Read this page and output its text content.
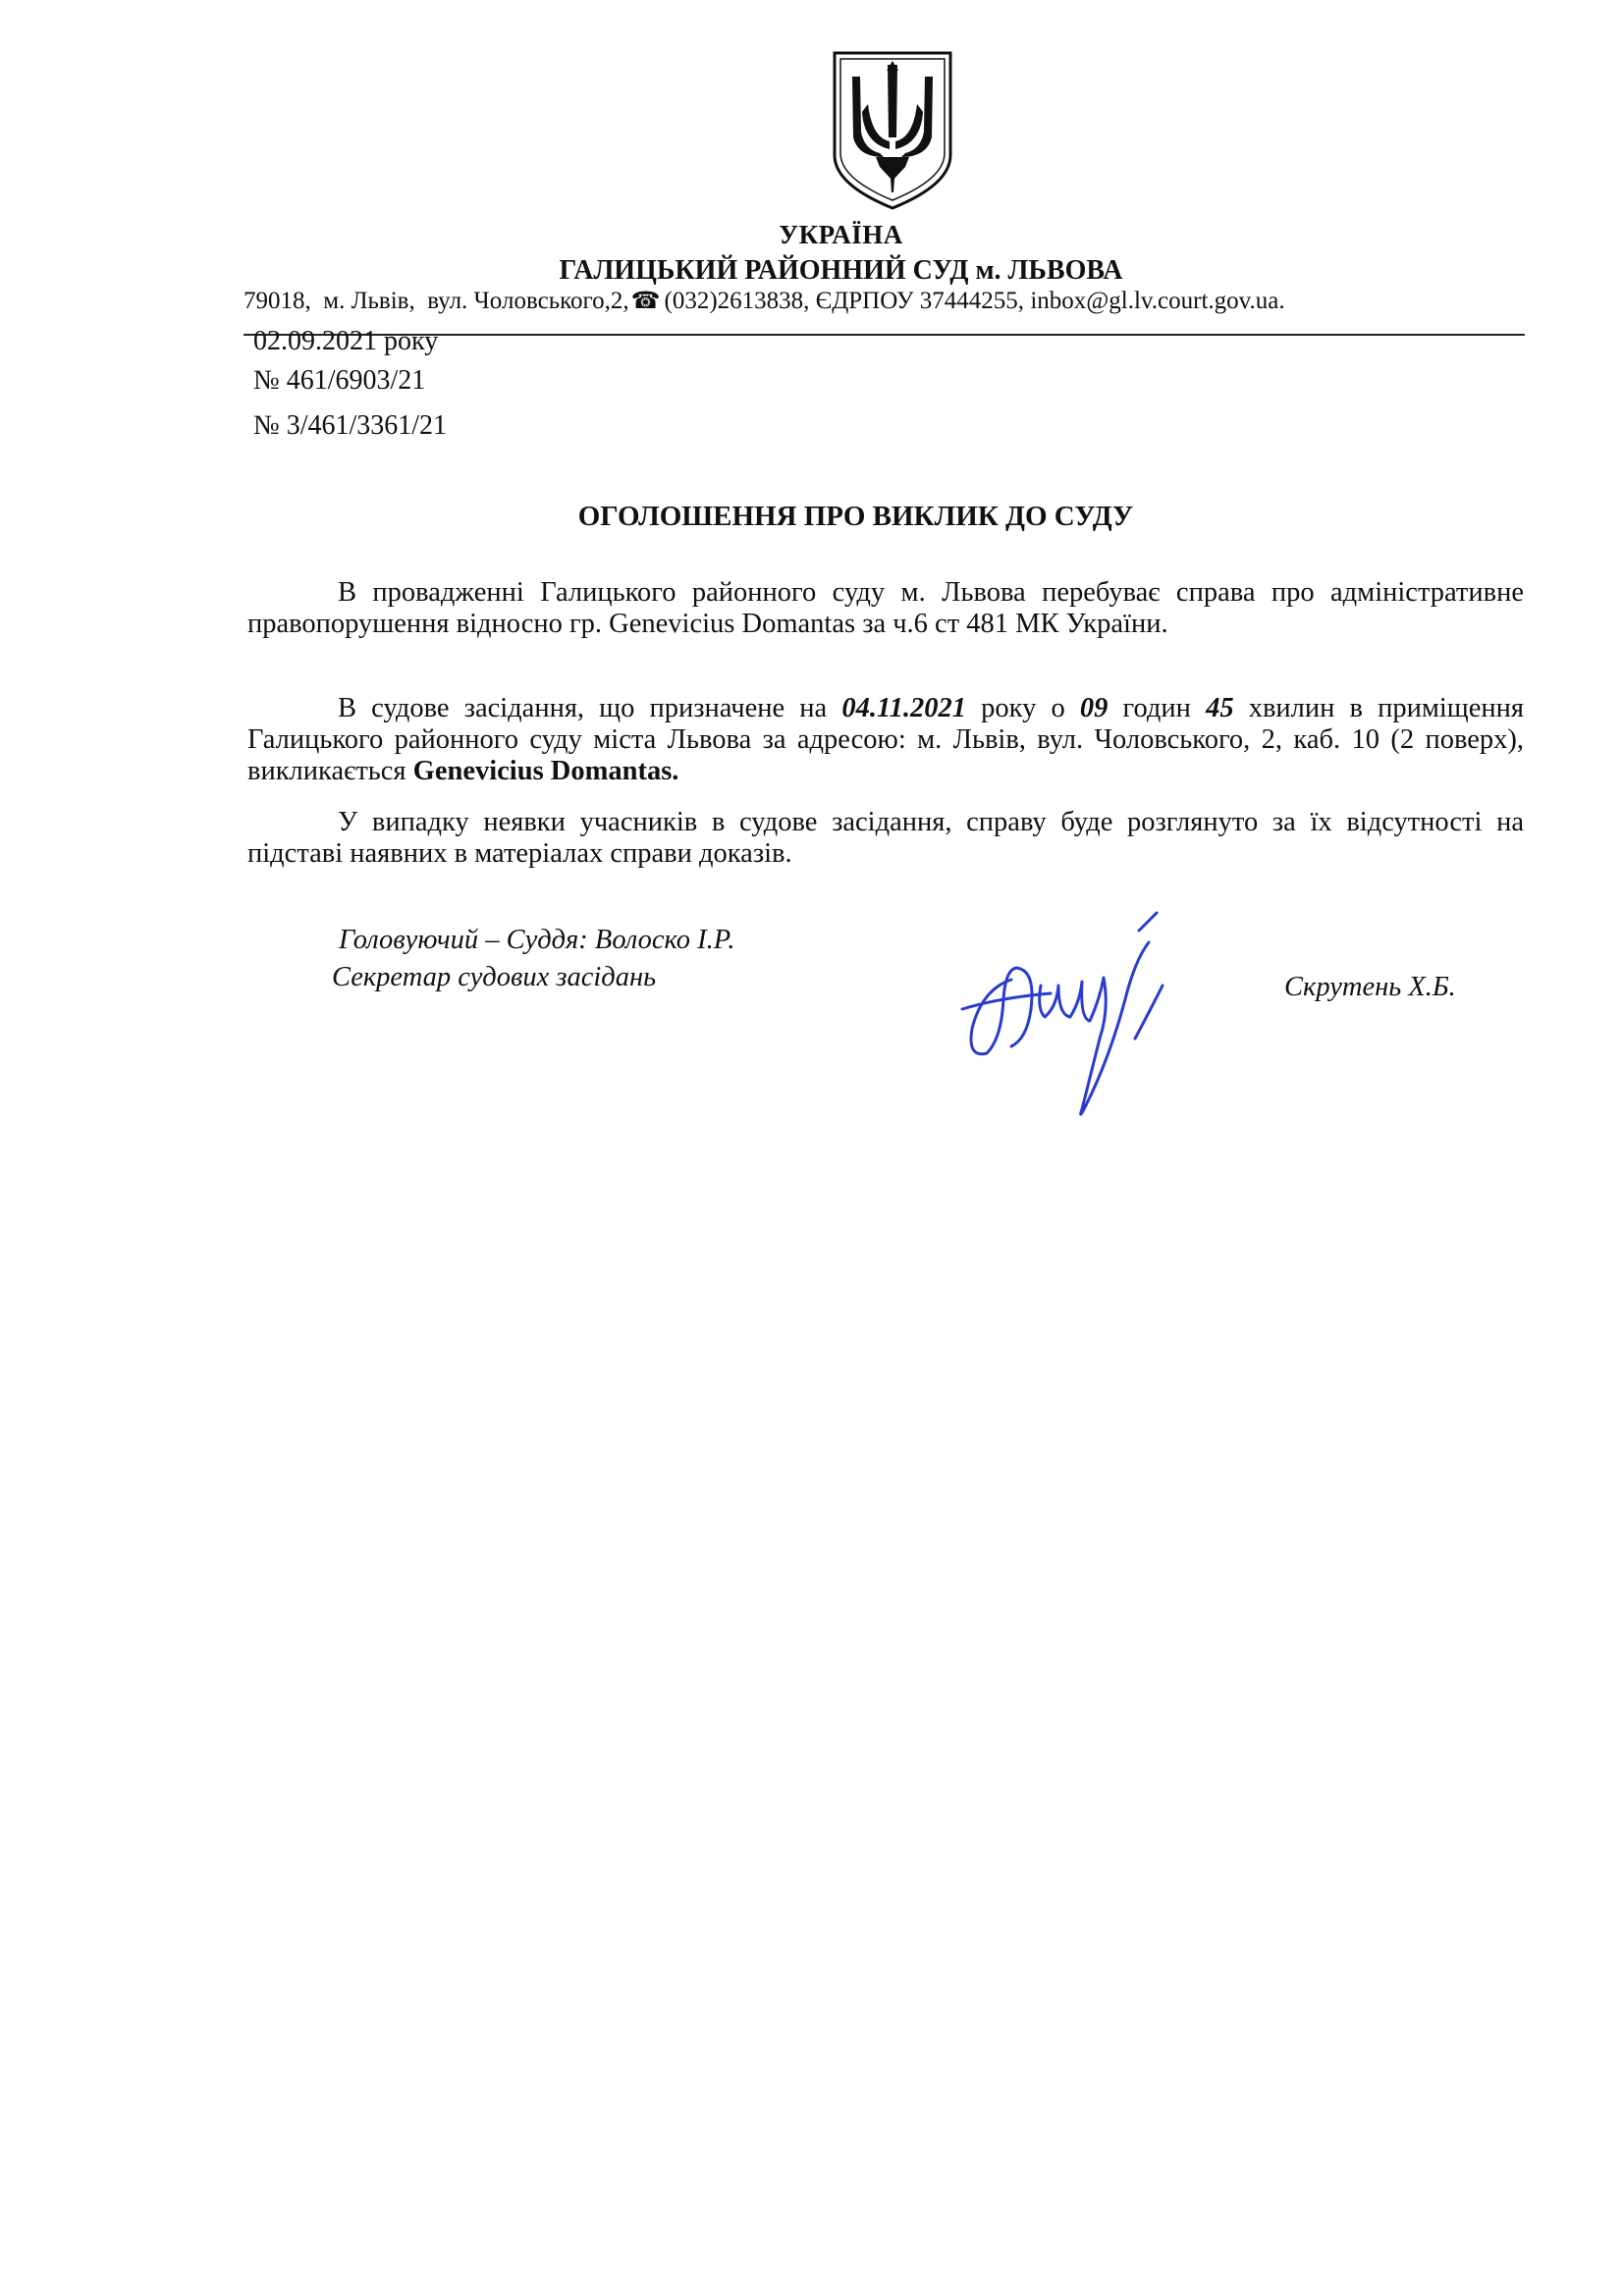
УКРАЇНА
ГАЛИЦЬКИЙ РАЙОННИЙ СУД м. ЛЬВОВА
79018,  м. Львів,  вул. Чоловського,2, ☎ (032)2613838, ЄДРПОУ 37444255, inbox@gl.lv.court.gov.ua.
02.09.2021 року
№ 461/6903/21
№ 3/461/3361/21
ОГОЛОШЕННЯ ПРО ВИКЛИК ДО СУДУ
В провадженні Галицького районного суду м. Львова перебуває справа про адміністративне правопорушення відносно гр. Genevicius Domantas за ч.6 ст 481 МК України.
В судове засідання, що призначене на 04.11.2021 року о 09 годин 45 хвилин в приміщення Галицького районного суду міста Львова за адресою: м. Львів, вул. Чоловського, 2, каб. 10 (2 поверх), викликається Genevicius Domantas.
У випадку неявки учасників в судове засідання, справу буде розглянуто за їх відсутності на підставі наявних в матеріалах справи доказів.
Головуючий – Суддя: Волоско І.Р.
Секретар судових засідань	Скрутень Х.Б.
